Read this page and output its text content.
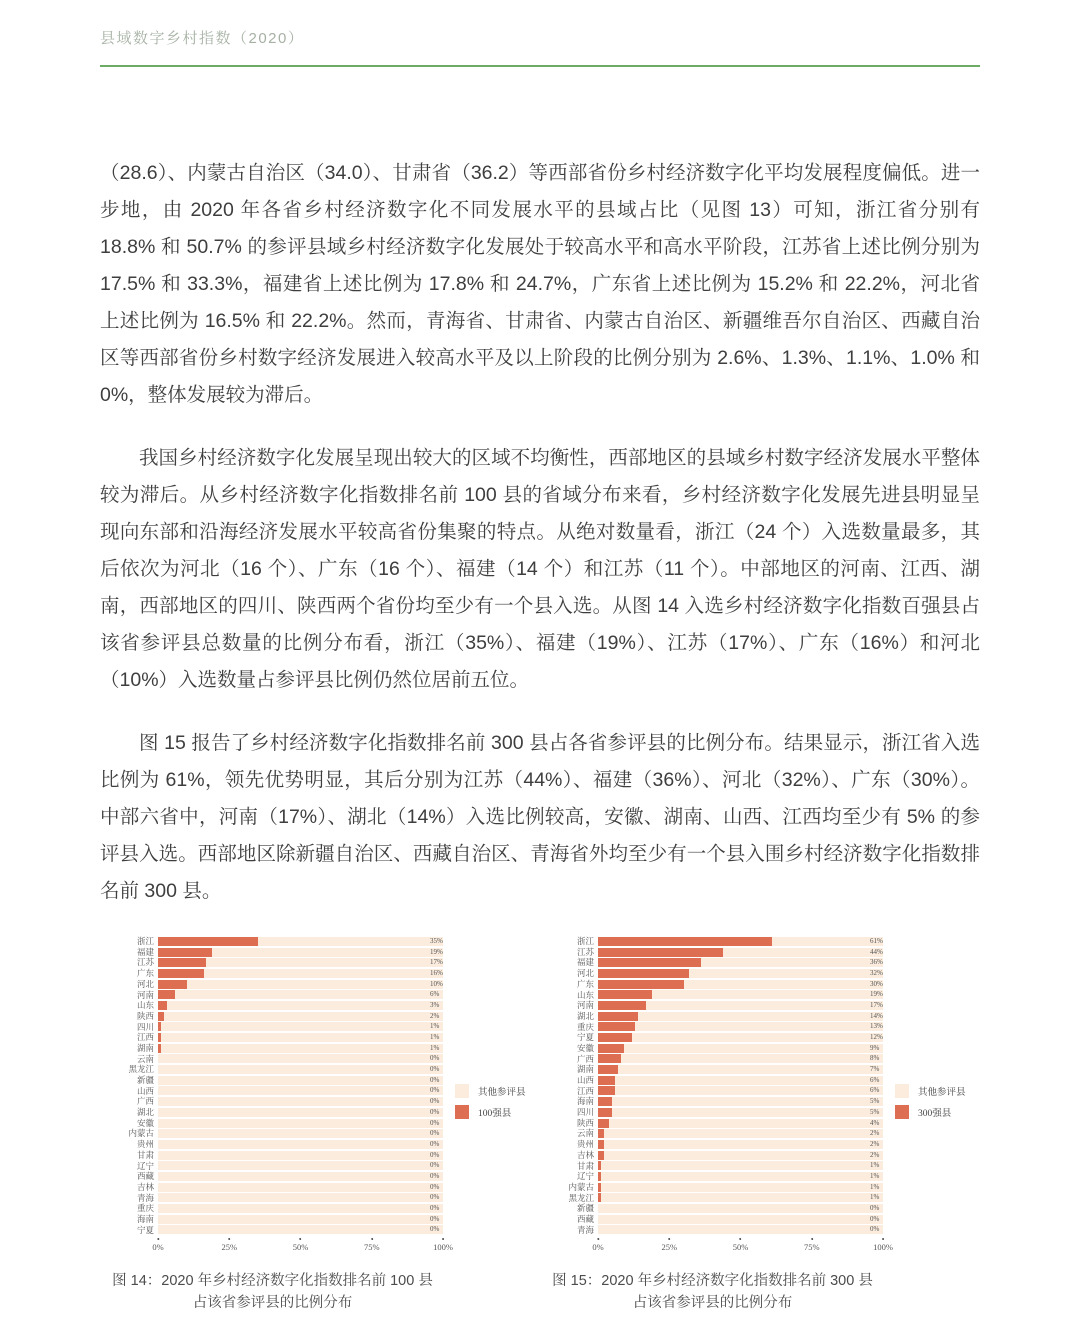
县域数字乡村指数（2020）

（28.6）、内蒙古自治区（34.0）、甘肃省（36.2）等西部省份乡村经济数字化平均发展程度偏低。进一步地，由 2020 年各省乡村经济数字化不同发展水平的县域占比（见图 13）可知，浙江省分别有 18.8% 和 50.7% 的参评县域乡村经济数字化发展处于较高水平和高水平阶段，江苏省上述比例分别为 17.5% 和 33.3%，福建省上述比例为 17.8% 和 24.7%，广东省上述比例为 15.2% 和 22.2%，河北省上述比例为 16.5% 和 22.2%。然而，青海省、甘肃省、内蒙古自治区、新疆维吾尔自治区、西藏自治区等西部省份乡村数字经济发展进入较高水平及以上阶段的比例分别为 2.6%、1.3%、1.1%、1.0% 和 0%，整体发展较为滞后。

我国乡村经济数字化发展呈现出较大的区域不均衡性，西部地区的县域乡村数字经济发展水平整体较为滞后。从乡村经济数字化指数排名前 100 县的省域分布来看，乡村经济数字化发展先进县明显呈现向东部和沿海经济发展水平较高省份集聚的特点。从绝对数量看，浙江（24 个）入选数量最多，其后依次为河北（16 个）、广东（16 个）、福建（14 个）和江苏（11 个）。中部地区的河南、江西、湖南，西部地区的四川、陕西两个省份均至少有一个县入选。从图 14 入选乡村经济数字化指数百强县占该省参评县总数量的比例分布看，浙江（35%）、福建（19%）、江苏（17%）、广东（16%）和河北（10%）入选数量占参评县比例仍然位居前五位。

图 15 报告了乡村经济数字化指数排名前 300 县占各省参评县的比例分布。结果显示，浙江省入选比例为 61%，领先优势明显，其后分别为江苏（44%）、福建（36%）、河北（32%）、广东（30%）。中部六省中，河南（17%）、湖北（14%）入选比例较高，安徽、湖南、山西、江西均至少有 5% 的参评县入选。西部地区除新疆自治区、西藏自治区、青海省外均至少有一个县入围乡村经济数字化指数排名前 300 县。

浙江	35%
福建	19%
江苏	17%
广东	16%
河北	10%
河南	6%
山东	3%
陕西	2%
四川	1%
江西	1%
湖南	1%
云南	0%
黑龙江	0%
新疆	0%
山西	0%
广西	0%
湖北	0%
安徽	0%
内蒙古	0%
贵州	0%
甘肃	0%
辽宁	0%
西藏	0%
吉林	0%
青海	0%
重庆	0%
海南	0%
宁夏	0%
0%	25%	50%	75%	100%
其他参评县
100强县
图 14：2020 年乡村经济数字化指数排名前 100 县
占该省参评县的比例分布
浙江	61%
江苏	44%
福建	36%
河北	32%
广东	30%
山东	19%
河南	17%
湖北	14%
重庆	13%
宁夏	12%
安徽	9%
广西	8%
湖南	7%
山西	6%
江西	6%
海南	5%
四川	5%
陕西	4%
云南	2%
贵州	2%
吉林	2%
甘肃	1%
辽宁	1%
内蒙古	1%
黑龙江	1%
新疆	0%
西藏	0%
青海	0%
0%	25%	50%	75%	100%
其他参评县
300强县
图 15：2020 年乡村经济数字化指数排名前 300 县
占该省参评县的比例分布
